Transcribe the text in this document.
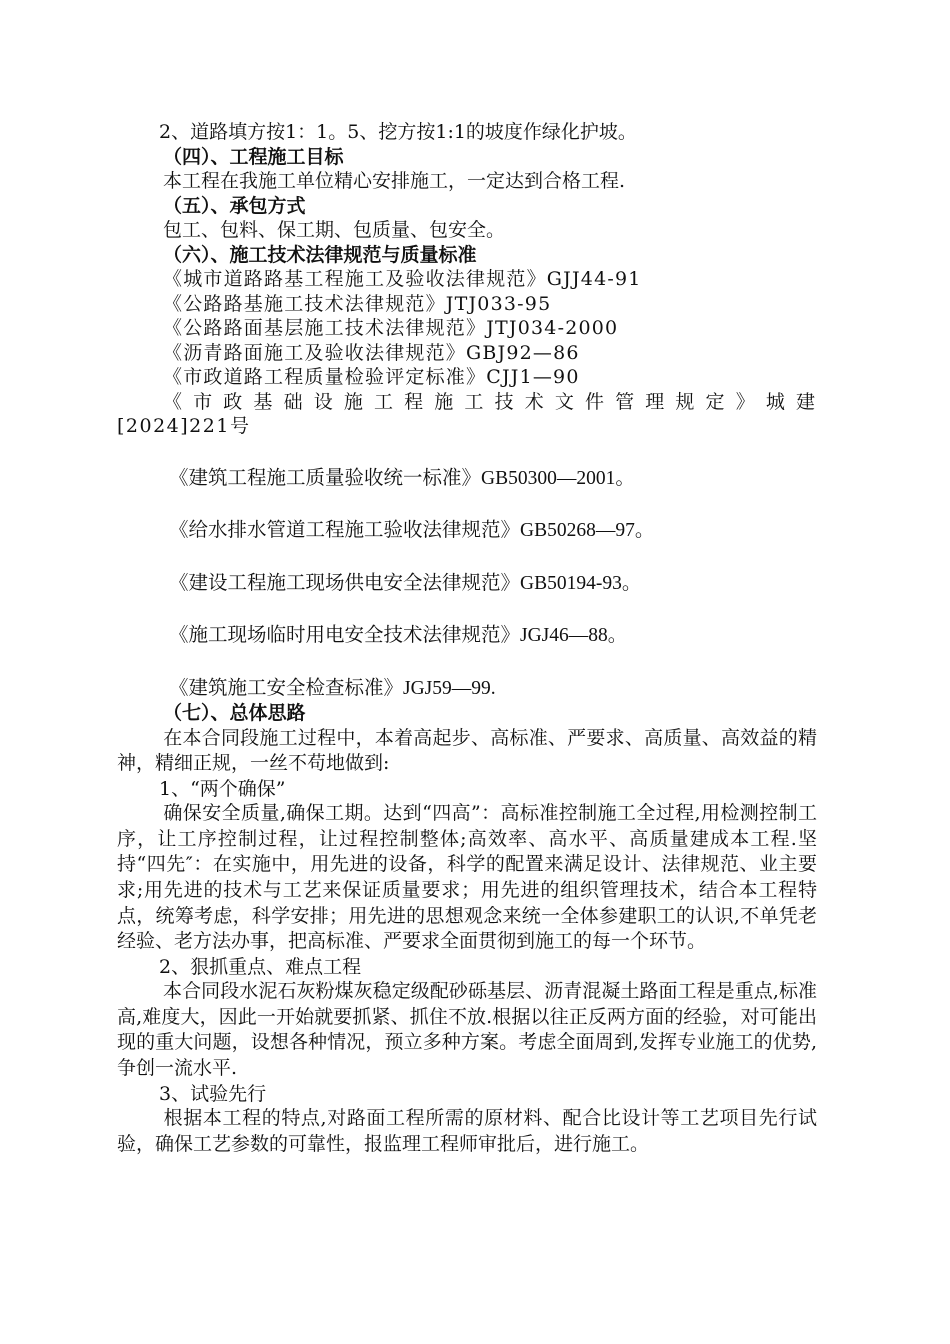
2、道路填方按1：1。5、挖方按1:1的坡度作绿化护坡。
（四）、工程施工目标
本工程在我施工单位精心安排施工，一定达到合格工程.
（五）、承包方式
包工、包料、保工期、包质量、包安全。
（六）、施工技术法律规范与质量标准
《城市道路路基工程施工及验收法律规范》GJJ44-91
《公路路基施工技术法律规范》JTJ033-95
《公路路面基层施工技术法律规范》JTJ034-2000
《沥青路面施工及验收法律规范》GBJ92—86
《市政道路工程质量检验评定标准》CJJ1—90
《市政基础设施工程施工技术文件管理规定》城建
[2024]221号
《建筑工程施工质量验收统一标准》GB50300—2001。
《给水排水管道工程施工验收法律规范》GB50268—97。
《建设工程施工现场供电安全法律规范》GB50194-93。
《施工现场临时用电安全技术法律规范》JGJ46—88。
《建筑施工安全检查标准》JGJ59—99.
（七）、总体思路
在本合同段施工过程中，本着高起步、高标准、严要求、高质量、高效益的精神，精细正规，一丝不苟地做到:
1、“两个确保”
确保安全质量,确保工期。达到“四高”：高标准控制施工全过程,用检测控制工序，让工序控制过程，让过程控制整体;高效率、高水平、高质量建成本工程.坚持“四先″：在实施中，用先进的设备，科学的配置来满足设计、法律规范、业主要求;用先进的技术与工艺来保证质量要求；用先进的组织管理技术，结合本工程特点，统筹考虑，科学安排；用先进的思想观念来统一全体参建职工的认识,不单凭老经验、老方法办事，把高标准、严要求全面贯彻到施工的每一个环节。
2、狠抓重点、难点工程
本合同段水泥石灰粉煤灰稳定级配砂砾基层、沥青混凝土路面工程是重点,标准高,难度大，因此一开始就要抓紧、抓住不放.根据以往正反两方面的经验，对可能出现的重大问题，设想各种情况，预立多种方案。考虑全面周到,发挥专业施工的优势,争创一流水平.
3、试验先行
根据本工程的特点,对路面工程所需的原材料、配合比设计等工艺项目先行试验，确保工艺参数的可靠性，报监理工程师审批后，进行施工。
